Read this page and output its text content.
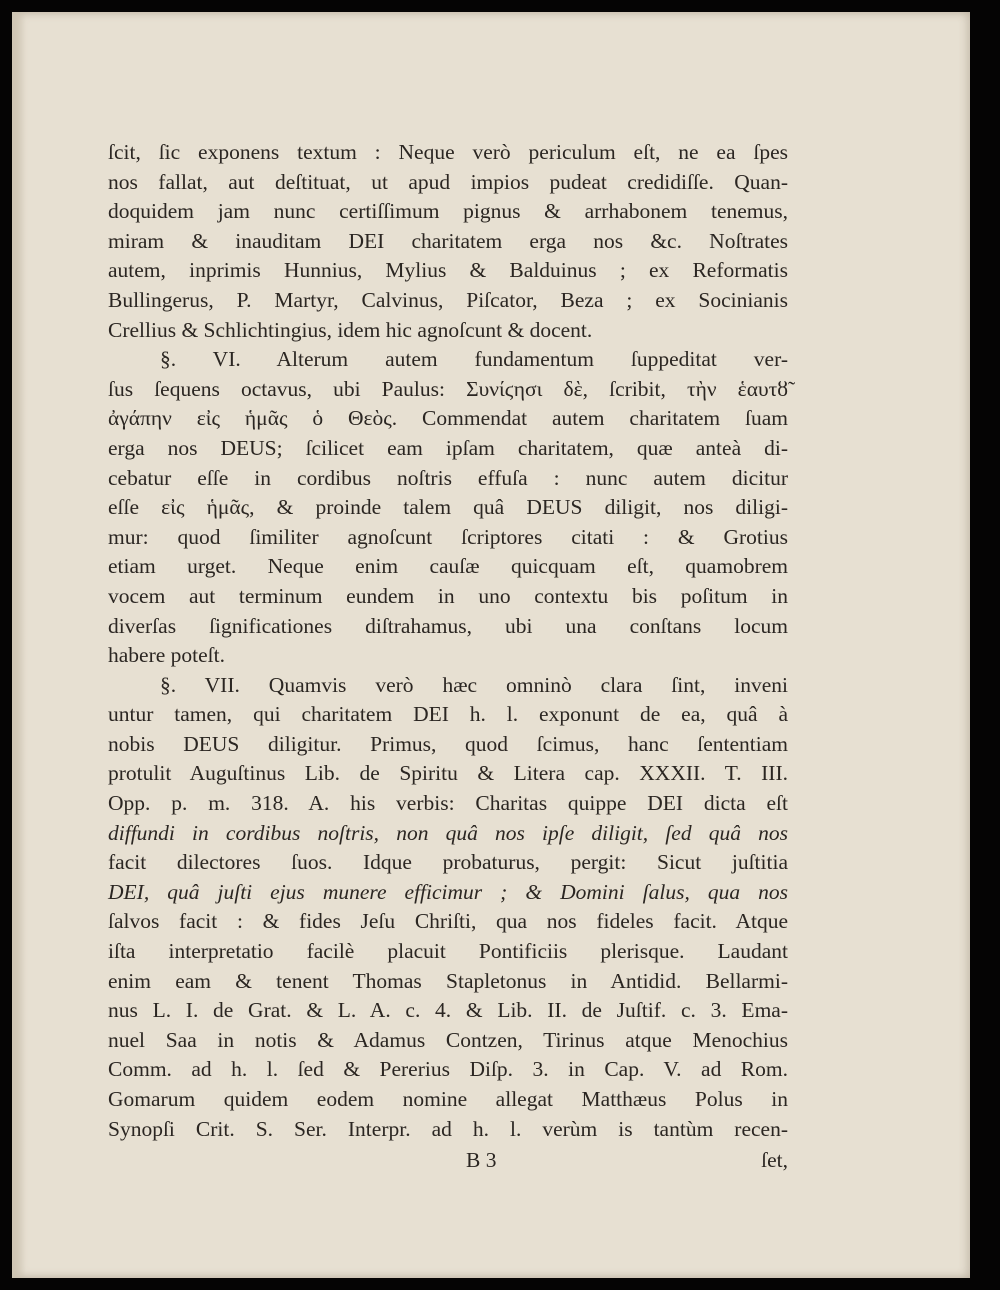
ſcit, ſic exponens textum : Neque verò periculum eſt, ne ea ſpes
nos fallat, aut deſtituat, ut apud impios pudeat credidiſſe. Quan-
doquidem jam nunc certiſſimum pignus & arrhabonem tenemus,
miram & inauditam DEI charitatem erga nos &c. Noſtrates
autem, inprimis Hunnius, Mylius & Balduinus ; ex Reformatis
Bullingerus, P. Martyr, Calvinus, Piſcator, Beza ; ex Socinianis
Crellius & Schlichtingius, idem hic agnoſcunt & docent.
§. VI. Alterum autem fundamentum ſuppeditat ver-
ſus ſequens octavus, ubi Paulus: Συνίϛησι δὲ, ſcribit, τὴν ἑαυτȣ̃
ἀγάπην εἰς ἡμᾶς ὁ Θεὸς. Commendat autem charitatem ſuam
erga nos DEUS; ſcilicet eam ipſam charitatem, quæ anteà di-
cebatur eſſe in cordibus noſtris effuſa : nunc autem dicitur
eſſe εἰς ἡμᾶς, & proinde talem quâ DEUS diligit, nos diligi-
mur: quod ſimiliter agnoſcunt ſcriptores citati : & Grotius
etiam urget. Neque enim cauſæ quicquam eſt, quamobrem
vocem aut terminum eundem in uno contextu bis poſitum in
diverſas ſignificationes diſtrahamus, ubi una conſtans locum
habere poteſt.
§. VII. Quamvis verò hæc omninò clara ſint, inveni
untur tamen, qui charitatem DEI h. l. exponunt de ea, quâ à
nobis DEUS diligitur. Primus, quod ſcimus, hanc ſententiam
protulit Auguſtinus Lib. de Spiritu & Litera cap. XXXII. T. III.
Opp. p. m. 318. A. his verbis: Charitas quippe DEI dicta eſt
diffundi in cordibus noſtris, non quâ nos ipſe diligit, ſed quâ nos
facit dilectores ſuos. Idque probaturus, pergit: Sicut juſtitia
DEI, quâ juſti ejus munere efficimur ; & Domini ſalus, qua nos
ſalvos facit : & fides Jeſu Chriſti, qua nos fideles facit. Atque
iſta interpretatio facilè placuit Pontificiis plerisque. Laudant
enim eam & tenent Thomas Stapletonus in Antidid. Bellarmi-
nus L. I. de Grat. & L. A. c. 4. & Lib. II. de Juſtif. c. 3. Ema-
nuel Saa in notis & Adamus Contzen, Tirinus atque Menochius
Comm. ad h. l. ſed & Pererius Diſp. 3. in Cap. V. ad Rom.
Gomarum quidem eodem nomine allegat Matthæus Polus in
Synopſi Crit. S. Ser. Interpr. ad h. l. verùm is tantùm recen-
B 3	ſet,
